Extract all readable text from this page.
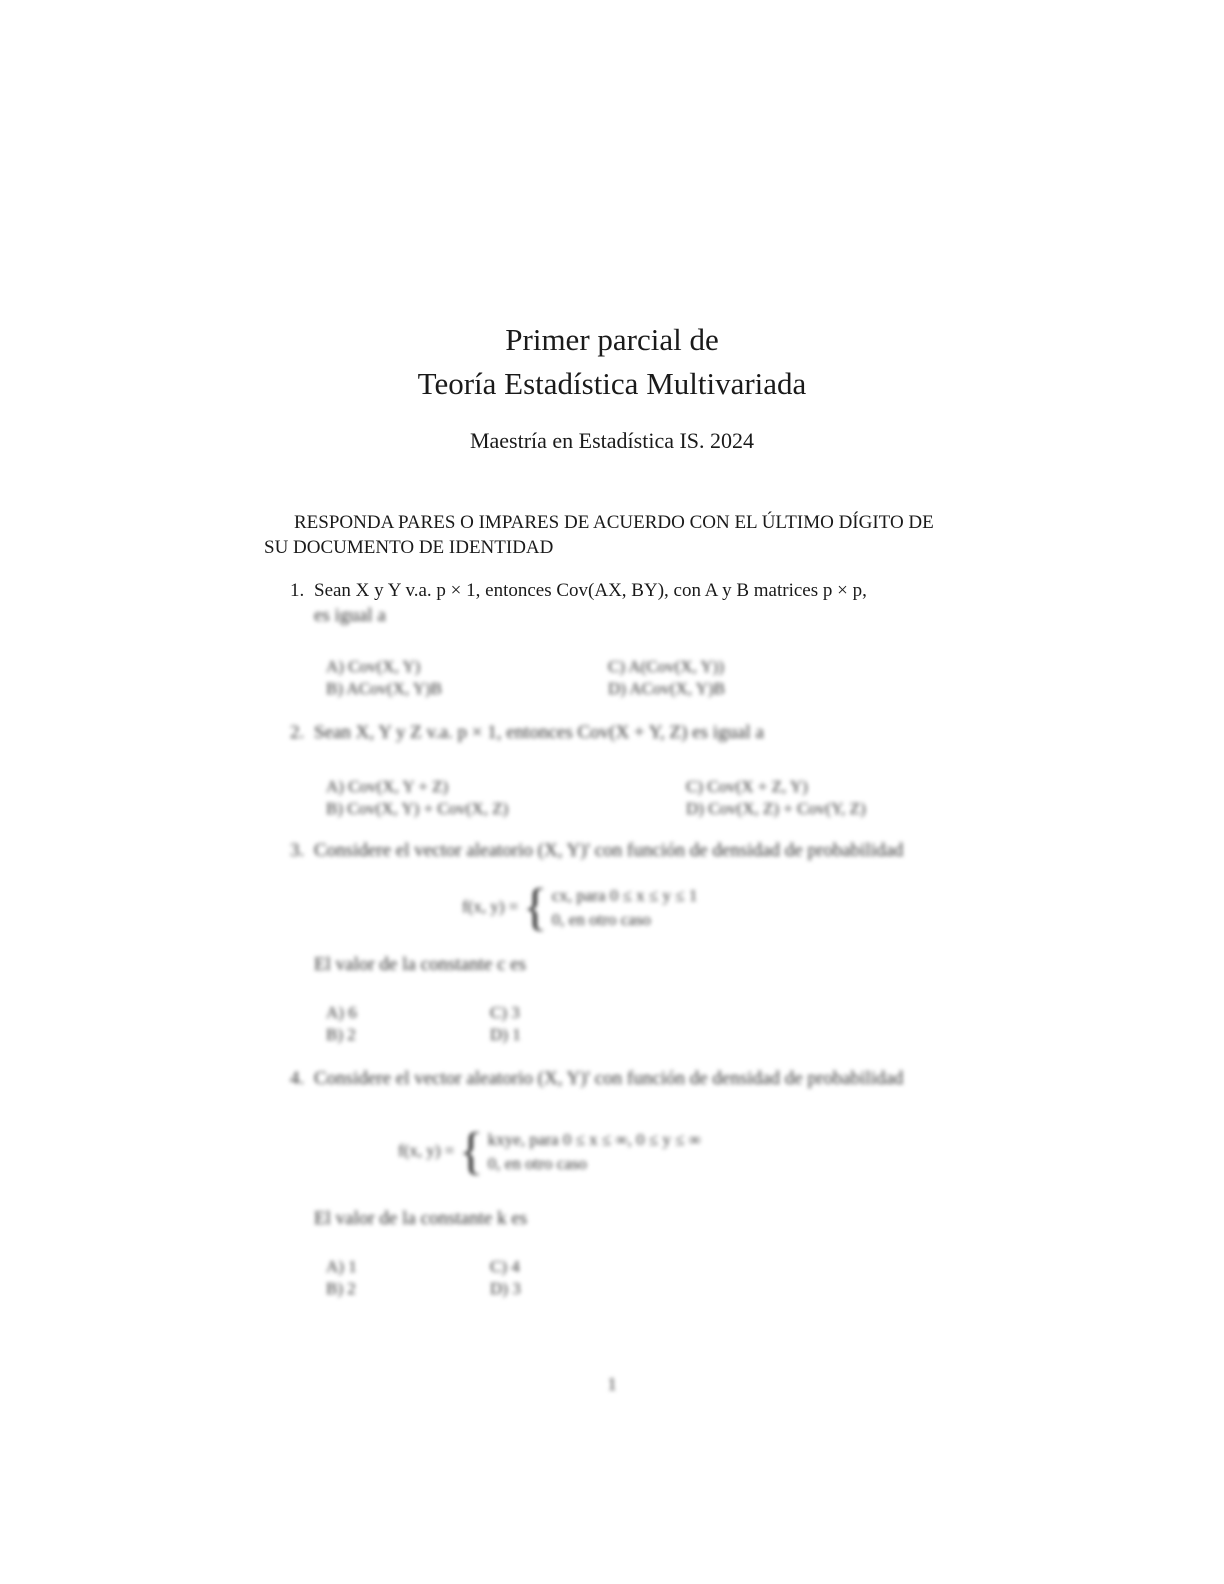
Primer parcial de
Teoría Estadística Multivariada
Maestría en Estadística IS. 2024
RESPONDA PARES O IMPARES DE ACUERDO CON EL ÚLTIMO DÍGITO DE SU DOCUMENTO DE IDENTIDAD
1. Sean X y Y v.a. p × 1, entonces Cov(AX, BY), con A y B matrices p × p,
es igual a
A) Cov(X, Y)
B) ACov(X, Y)B
C) A(Cov(X, Y))
D) ACov(X, Y)B
2. Sean X, Y y Z v.a. p × 1, entonces Cov(X + Y, Z) es igual a
A) Cov(X, Y + Z)
B) Cov(X, Y) + Cov(X, Z)
C) Cov(X + Z, Y)
D) Cov(X, Z) + Cov(Y, Z)
3. Considere el vector aleatorio (X, Y)' con función de densidad de probabilidad
f(x, y) = { cx, para 0 ≤ x ≤ y ≤ 1
0, en otro caso
El valor de la constante c es
A) 6
B) 2
C) 3
D) 1
4. Considere el vector aleatorio (X, Y)' con función de densidad de probabilidad
f(x, y) = { kxye, para 0 ≤ x ≤ ∞, 0 ≤ y ≤ ∞
0, en otro caso
El valor de la constante k es
A) 1
B) 2
C) 4
D) 3
1
